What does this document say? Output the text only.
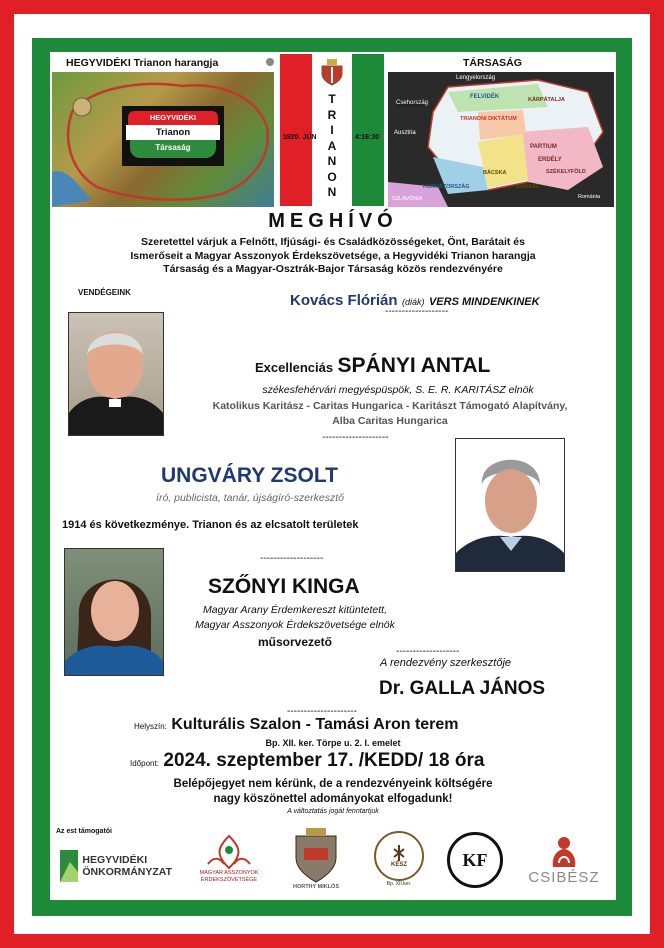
HEGYVIDÉKI Trianon harangja
HEGYVIDÉKI
Trianon
Társaság
T
R
I
A
N
O
N
1920. JÚN	4:16:30
TÁRSASÁG
Lengyelország
Csehország
FELVIDÉK	KÁRPÁTALJA
TRIANONI DIKTÁTUM
Ausztria
PARTIUM
ERDÉLY
SZÉKELYFÖLD
BÁCSKA
HORVÁTORSZÁG	BÁNSÁG
SZLAVÓNIA	Románia
MEGHÍVÓ
Szeretettel várjuk a Felnőtt, Ifjúsági- és Családközösségeket, Önt, Barátait és
Ismerőseit a Magyar Asszonyok Érdekszövetsége, a Hegyvidéki Trianon harangja
Társaság és a Magyar-Osztrák-Bajor Társaság közös rendezvényére
VENDÉGEINK	Kovács Flórián (diák) VERS MINDENKINEK
-------------------
Excellenciás SPÁNYI ANTAL
székesfehérvári megyéspüspök, S. E. R. KARITÁSZ elnök
Katolikus Karitász - Caritas Hungarica - Karitászt Támogató Alapítvány,
Alba Caritas Hungarica
--------------------
UNGVÁRY ZSOLT
író, publicista, tanár, újságíró-szerkesztő
1914 és következménye. Trianon és az elcsatolt területek
-------------------
SZŐNYI KINGA
Magyar Arany Érdemkereszt kitüntetett,
Magyar Asszonyok Érdekszövetsége elnök
műsorvezető
-------------------
A rendezvény szerkesztője
Dr. GALLA JÁNOS
---------------------
Helyszín: Kulturális Szalon - Tamási Aron terem
Bp. XII. ker. Törpe u. 2. I. emelet
Időpont: 2024. szeptember 17. /KEDD/ 18 óra
Belépőjegyet nem kérünk, de a rendezvényeink költségére
nagy köszönettel adományokat elfogadunk!
A változtatás jogát fenntartjuk
Az est támogatói
HEGYVIDÉKI
ÖNKORMÁNYZAT	MAGYAR ASSZONYOK
ÉRDEKSZÖVETSÉGE
HORTHY MIKLÓS
KÉSZ
Bp. XII.ker.
KF
CSIBÉSZ
